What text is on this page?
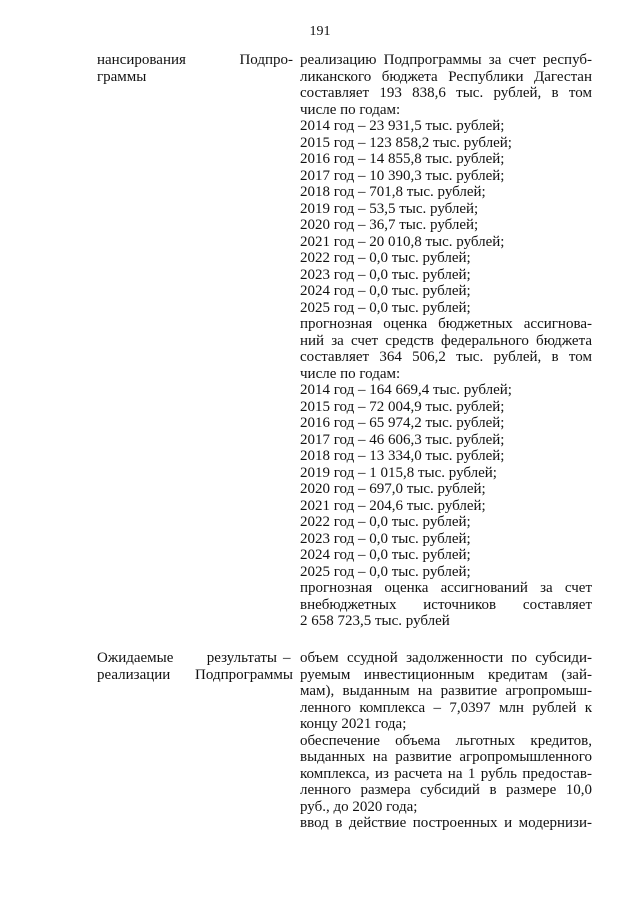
191
нансирования Подпро-
граммы
реализацию Подпрограммы за счет респуб-
ликанского бюджета Республики Дагестан
составляет 193 838,6 тыс. рублей, в том
числе по годам:
2014 год – 23 931,5 тыс. рублей;
2015 год – 123 858,2 тыс. рублей;
2016 год – 14 855,8 тыс. рублей;
2017 год – 10 390,3 тыс. рублей;
2018 год – 701,8 тыс. рублей;
2019 год – 53,5 тыс. рублей;
2020 год – 36,7 тыс. рублей;
2021 год – 20 010,8 тыс. рублей;
2022 год – 0,0 тыс. рублей;
2023 год – 0,0 тыс. рублей;
2024 год – 0,0 тыс. рублей;
2025 год – 0,0 тыс. рублей;
прогнозная оценка бюджетных ассигнова-
ний за счет средств федерального бюджета
составляет 364 506,2 тыс. рублей, в том
числе по годам:
2014 год – 164 669,4 тыс. рублей;
2015 год – 72 004,9 тыс. рублей;
2016 год – 65 974,2 тыс. рублей;
2017 год – 46 606,3 тыс. рублей;
2018 год – 13 334,0 тыс. рублей;
2019 год – 1 015,8 тыс. рублей;
2020 год – 697,0 тыс. рублей;
2021 год – 204,6 тыс. рублей;
2022 год – 0,0 тыс. рублей;
2023 год – 0,0 тыс. рублей;
2024 год – 0,0 тыс. рублей;
2025 год – 0,0 тыс. рублей;
прогнозная оценка ассигнований за счет
внебюджетных источников составляет
2 658 723,5 тыс. рублей
Ожидаемые результаты
реализации Подпрограммы
– объем ссудной задолженности по субсиди-
руемым инвестиционным кредитам (зай-
мам), выданным на развитие агропромыш-
ленного комплекса – 7,0397 млн рублей к
концу 2021 года;
обеспечение объема льготных кредитов,
выданных на развитие агропромышленного
комплекса, из расчета на 1 рубль предостав-
ленного размера субсидий в размере 10,0
руб., до 2020 года;
ввод в действие построенных и модернизи-
